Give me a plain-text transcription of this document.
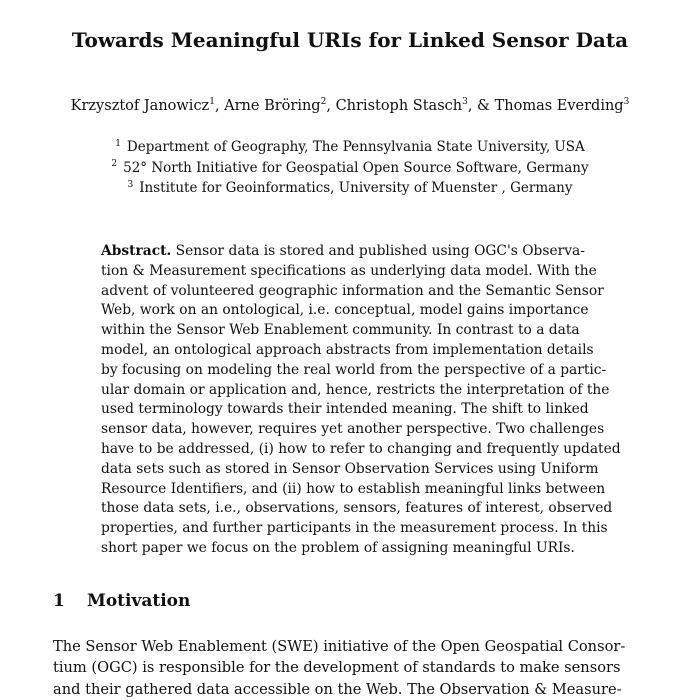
Towards Meaningful URIs for Linked Sensor Data

Krzysztof Janowicz$^1$, Arne Bröring$^2$, Christoph Stasch$^3$, & Thomas Everding$^3$

$^1$ Department of Geography, The Pennsylvania State University, USA
$^2$ 52° North Initiative for Geospatial Open Source Software, Germany
$^3$ Institute for Geoinformatics, University of Muenster , Germany
Abstract. Sensor data is stored and published using OGC's Observa-
tion & Measurement specifications as underlying data model. With the
advent of volunteered geographic information and the Semantic Sensor
Web, work on an ontological, i.e. conceptual, model gains importance
within the Sensor Web Enablement community. In contrast to a data
model, an ontological approach abstracts from implementation details
by focusing on modeling the real world from the perspective of a partic-
ular domain or application and, hence, restricts the interpretation of the
used terminology towards their intended meaning. The shift to linked
sensor data, however, requires yet another perspective. Two challenges
have to be addressed, (i) how to refer to changing and frequently updated
data sets such as stored in Sensor Observation Services using Uniform
Resource Identifiers, and (ii) how to establish meaningful links between
those data sets, i.e., observations, sensors, features of interest, observed
properties, and further participants in the measurement process. In this
short paper we focus on the problem of assigning meaningful URIs.
1 Motivation
The Sensor Web Enablement (SWE) initiative of the Open Geospatial Consor-
tium (OGC) is responsible for the development of standards to make sensors
and their gathered data accessible on the Web. The Observation & Measure-
